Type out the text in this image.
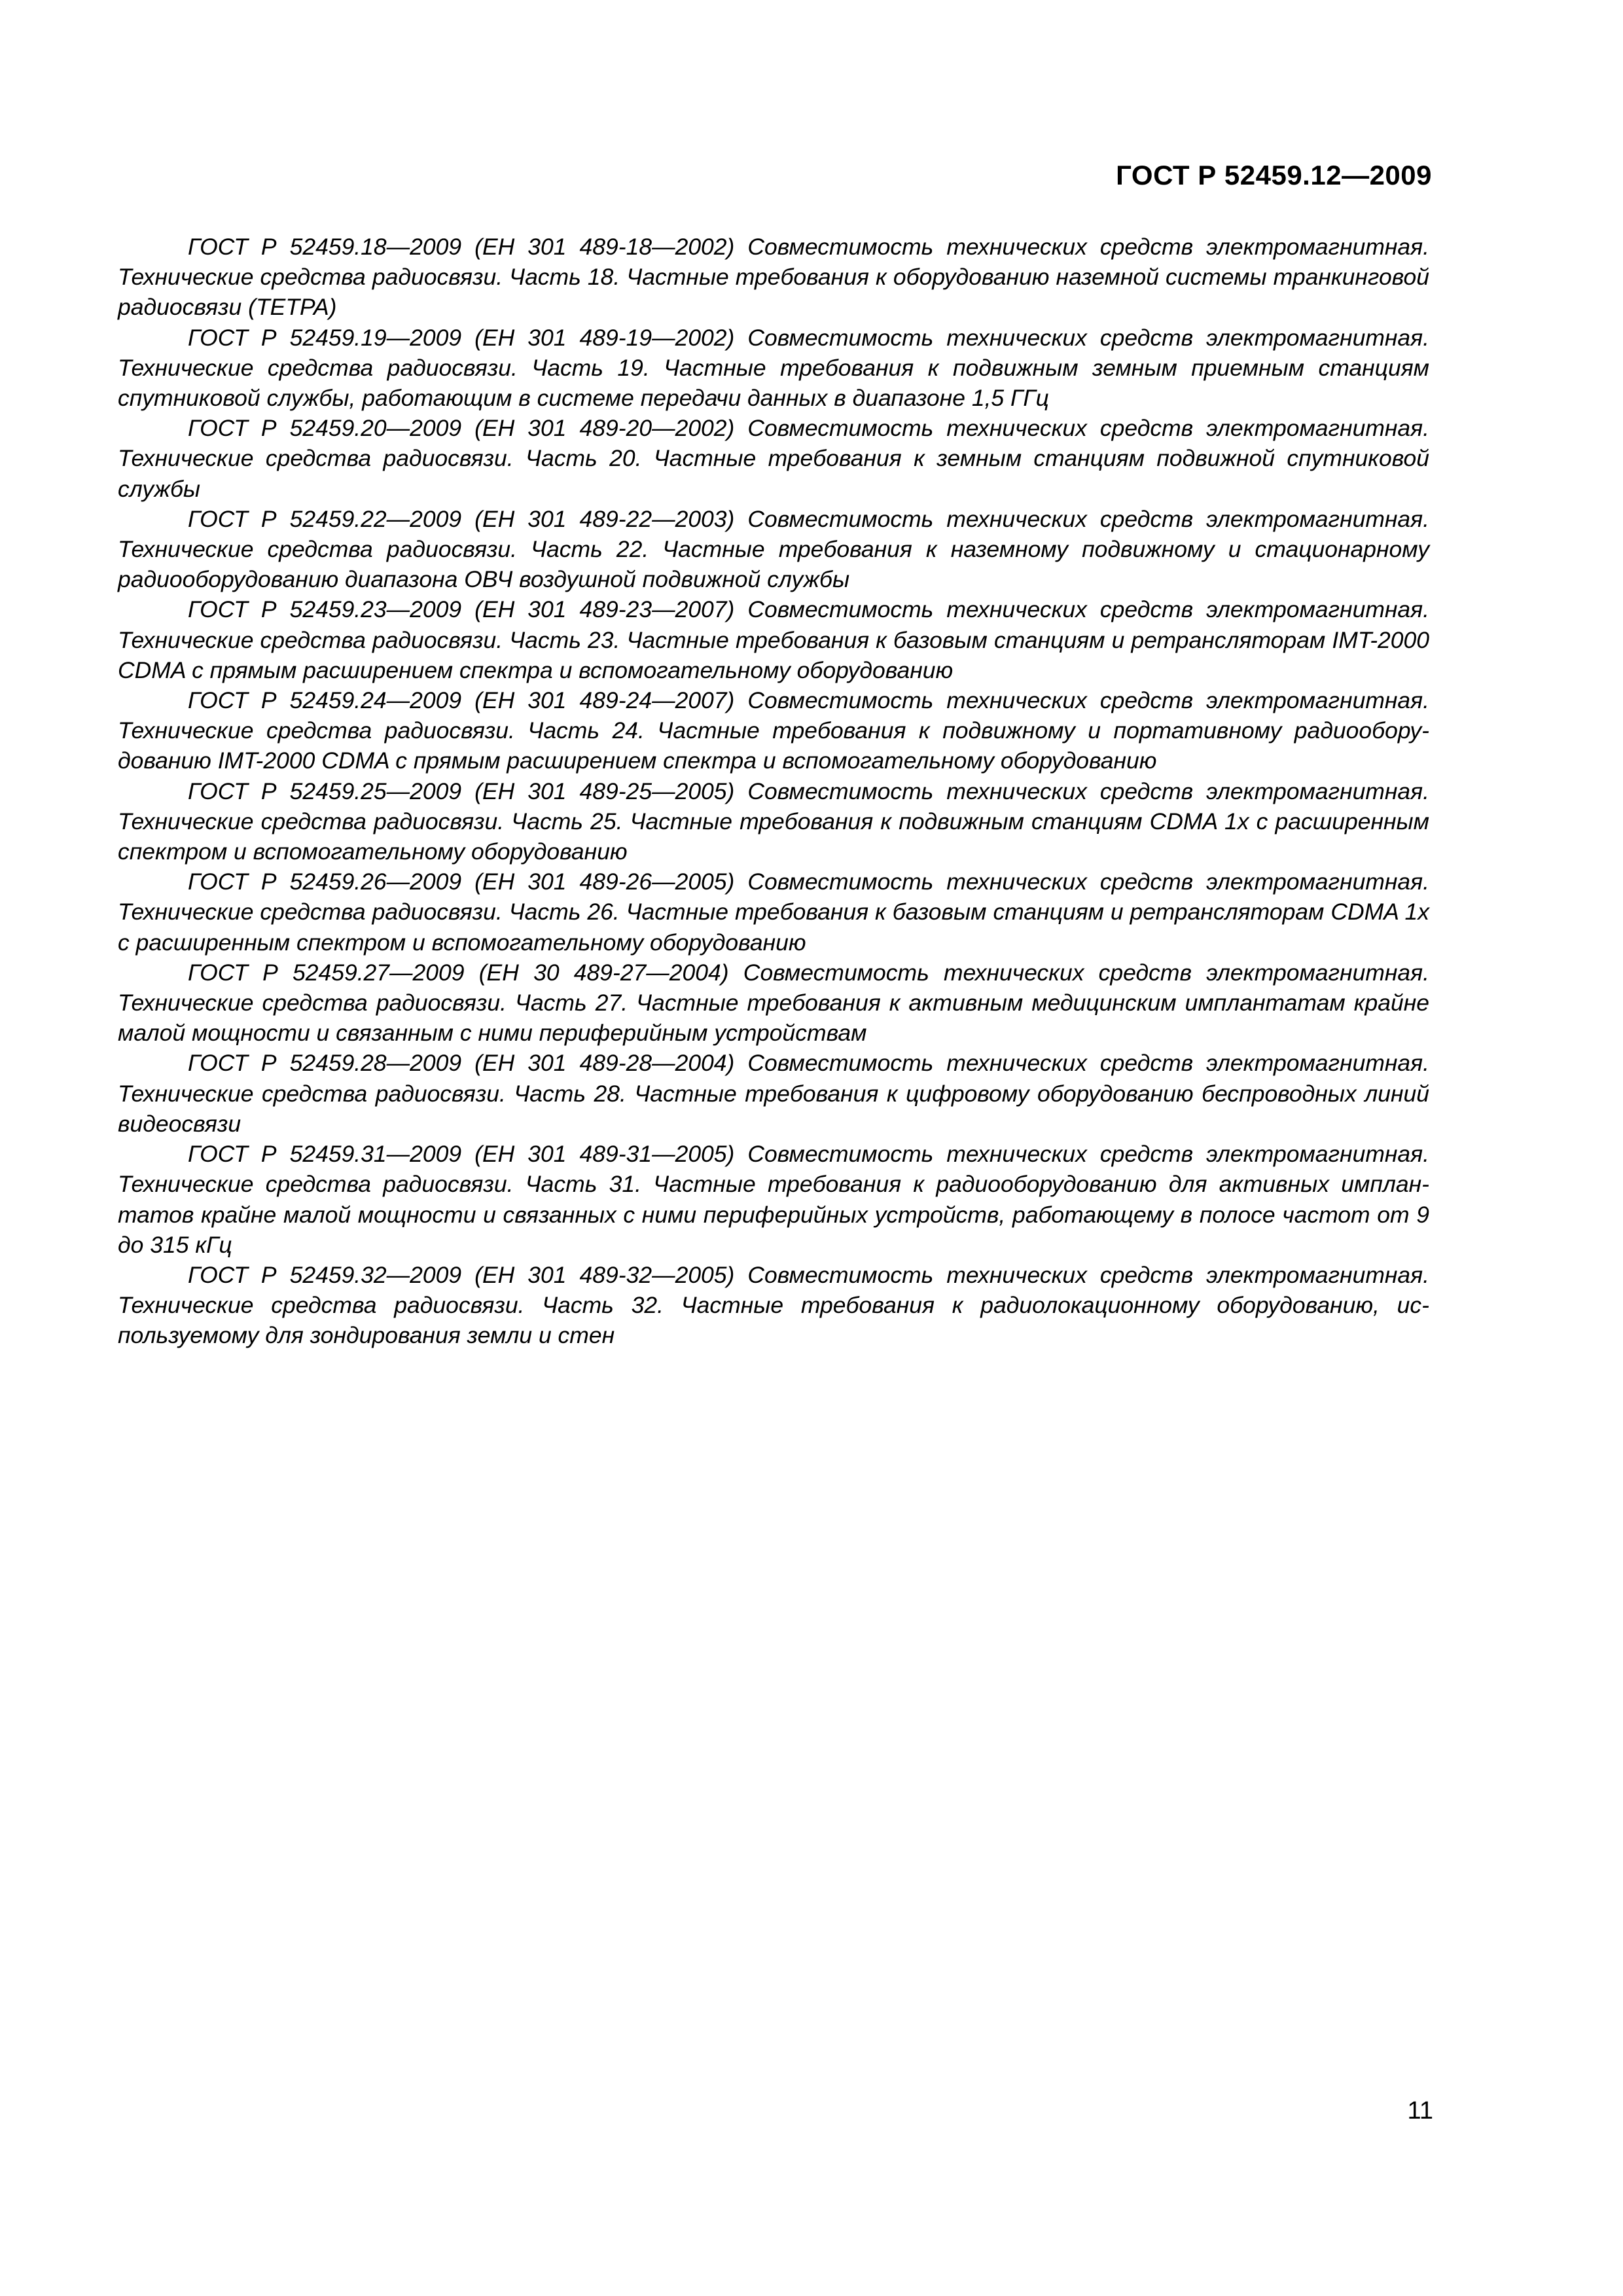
ГОСТ Р 52459.12—2009

ГОСТ Р 52459.18—2009 (ЕН 301 489-18—2002) Совместимость технических средств электромагнитная. Технические средства радиосвязи. Часть 18. Частные требования к оборудованию наземной системы транкинговой радиосвязи (ТЕТРА)

ГОСТ Р 52459.19—2009 (ЕН 301 489-19—2002) Совместимость технических средств электромагнитная. Технические средства радиосвязи. Часть 19. Частные требования к подвижным земным приемным станциям спутниковой службы, работающим в системе передачи данных в диапазоне 1,5 ГГц

ГОСТ Р 52459.20—2009 (ЕН 301 489-20—2002) Совместимость технических средств электромагнитная. Технические средства радиосвязи. Часть 20. Частные требования к земным станциям подвижной спутниковой службы

ГОСТ Р 52459.22—2009 (ЕН 301 489-22—2003) Совместимость технических средств электромагнитная. Технические средства радиосвязи. Часть 22. Частные требования к наземному подвижному и стационарному радиооборудованию диапазона ОВЧ воздушной подвижной службы

ГОСТ Р 52459.23—2009 (ЕН 301 489-23—2007) Совместимость технических средств электромагнитная. Технические средства радиосвязи. Часть 23. Частные требования к базовым станциям и ретрансляторам IMT-2000 CDMA с прямым расширением спектра и вспомогательному оборудованию

ГОСТ Р 52459.24—2009 (ЕН 301 489-24—2007) Совместимость технических средств электромагнитная. Технические средства радиосвязи. Часть 24. Частные требования к подвижному и портативному радиооборудованию IMT-2000 CDMA с прямым расширением спектра и вспомогательному оборудованию

ГОСТ Р 52459.25—2009 (ЕН 301 489-25—2005) Совместимость технических средств электромагнитная. Технические средства радиосвязи. Часть 25. Частные требования к подвижным станциям CDMA 1x с расширенным спектром и вспомогательному оборудованию

ГОСТ Р 52459.26—2009 (ЕН 301 489-26—2005) Совместимость технических средств электромагнитная. Технические средства радиосвязи. Часть 26. Частные требования к базовым станциям и ретрансляторам CDMA 1x с расширенным спектром и вспомогательному оборудованию

ГОСТ Р 52459.27—2009 (ЕН 30 489-27—2004) Совместимость технических средств электромагнитная. Технические средства радиосвязи. Часть 27. Частные требования к активным медицинским имплантатам крайне малой мощности и связанным с ними периферийным устройствам

ГОСТ Р 52459.28—2009 (ЕН 301 489-28—2004) Совместимость технических средств электромагнитная. Технические средства радиосвязи. Часть 28. Частные требования к цифровому оборудованию беспроводных линий видеосвязи

ГОСТ Р 52459.31—2009 (ЕН 301 489-31—2005) Совместимость технических средств электромагнитная. Технические средства радиосвязи. Часть 31. Частные требования к радиооборудованию для активных имплантатов крайне малой мощности и связанных с ними периферийных устройств, работающему в полосе частот от 9 до 315 кГц

ГОСТ Р 52459.32—2009 (ЕН 301 489-32—2005) Совместимость технических средств электромагнитная. Технические средства радиосвязи. Часть 32. Частные требования к радиолокационному оборудованию, используемому для зондирования земли и стен

11
